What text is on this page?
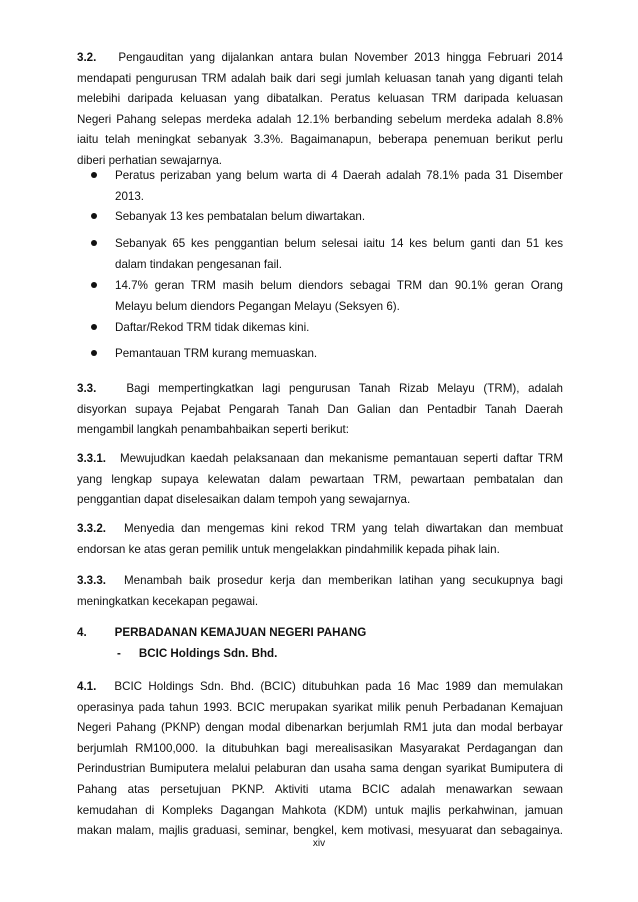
3.2. Pengauditan yang dijalankan antara bulan November 2013 hingga Februari 2014
mendapati pengurusan TRM adalah baik dari segi jumlah keluasan tanah yang diganti telah
melebihi daripada keluasan yang dibatalkan. Peratus keluasan TRM daripada keluasan
Negeri Pahang selepas merdeka adalah 12.1% berbanding sebelum merdeka adalah 8.8%
iaitu telah meningkat sebanyak 3.3%. Bagaimanapun, beberapa penemuan berikut perlu
diberi perhatian sewajarnya.
Peratus perizaban yang belum warta di 4 Daerah adalah 78.1% pada 31 Disember
2013.
Sebanyak 13 kes pembatalan belum diwartakan.
Sebanyak 65 kes penggantian belum selesai iaitu 14 kes belum ganti dan 51 kes
dalam tindakan pengesanan fail.
14.7% geran TRM masih belum diendors sebagai TRM dan 90.1% geran Orang
Melayu belum diendors Pegangan Melayu (Seksyen 6).
Daftar/Rekod TRM tidak dikemas kini.
Pemantauan TRM kurang memuaskan.
3.3.	Bagi mempertingkatkan lagi pengurusan Tanah Rizab Melayu (TRM), adalah
disyorkan supaya Pejabat Pengarah Tanah Dan Galian dan Pentadbir Tanah Daerah
mengambil langkah penambahbaikan seperti berikut:
3.3.1. Mewujudkan kaedah pelaksanaan dan mekanisme pemantauan seperti daftar TRM
yang lengkap supaya kelewatan dalam pewartaan TRM, pewartaan pembatalan dan
penggantian dapat diselesaikan dalam tempoh yang sewajarnya.
3.3.2. Menyedia dan mengemas kini rekod TRM yang telah diwartakan dan membuat
endorsan ke atas geran pemilik untuk mengelakkan pindahmilik kepada pihak lain.
3.3.3. Menambah baik prosedur kerja dan memberikan latihan yang secukupnya bagi
meningkatkan kecekapan pegawai.
4. PERBADANAN KEMAJUAN NEGERI PAHANG
- BCIC Holdings Sdn. Bhd.
4.1. BCIC Holdings Sdn. Bhd. (BCIC) ditubuhkan pada 16 Mac 1989 dan memulakan
operasinya pada tahun 1993. BCIC merupakan syarikat milik penuh Perbadanan Kemajuan
Negeri Pahang (PKNP) dengan modal dibenarkan berjumlah RM1 juta dan modal berbayar
berjumlah RM100,000. Ia ditubuhkan bagi merealisasikan Masyarakat Perdagangan dan
Perindustrian Bumiputera melalui pelaburan dan usaha sama dengan syarikat Bumiputera di
Pahang atas persetujuan PKNP. Aktiviti utama BCIC adalah menawarkan sewaan
kemudahan di Kompleks Dagangan Mahkota (KDM) untuk majlis perkahwinan, jamuan
makan malam, majlis graduasi, seminar, bengkel, kem motivasi, mesyuarat dan sebagainya.
xiv
